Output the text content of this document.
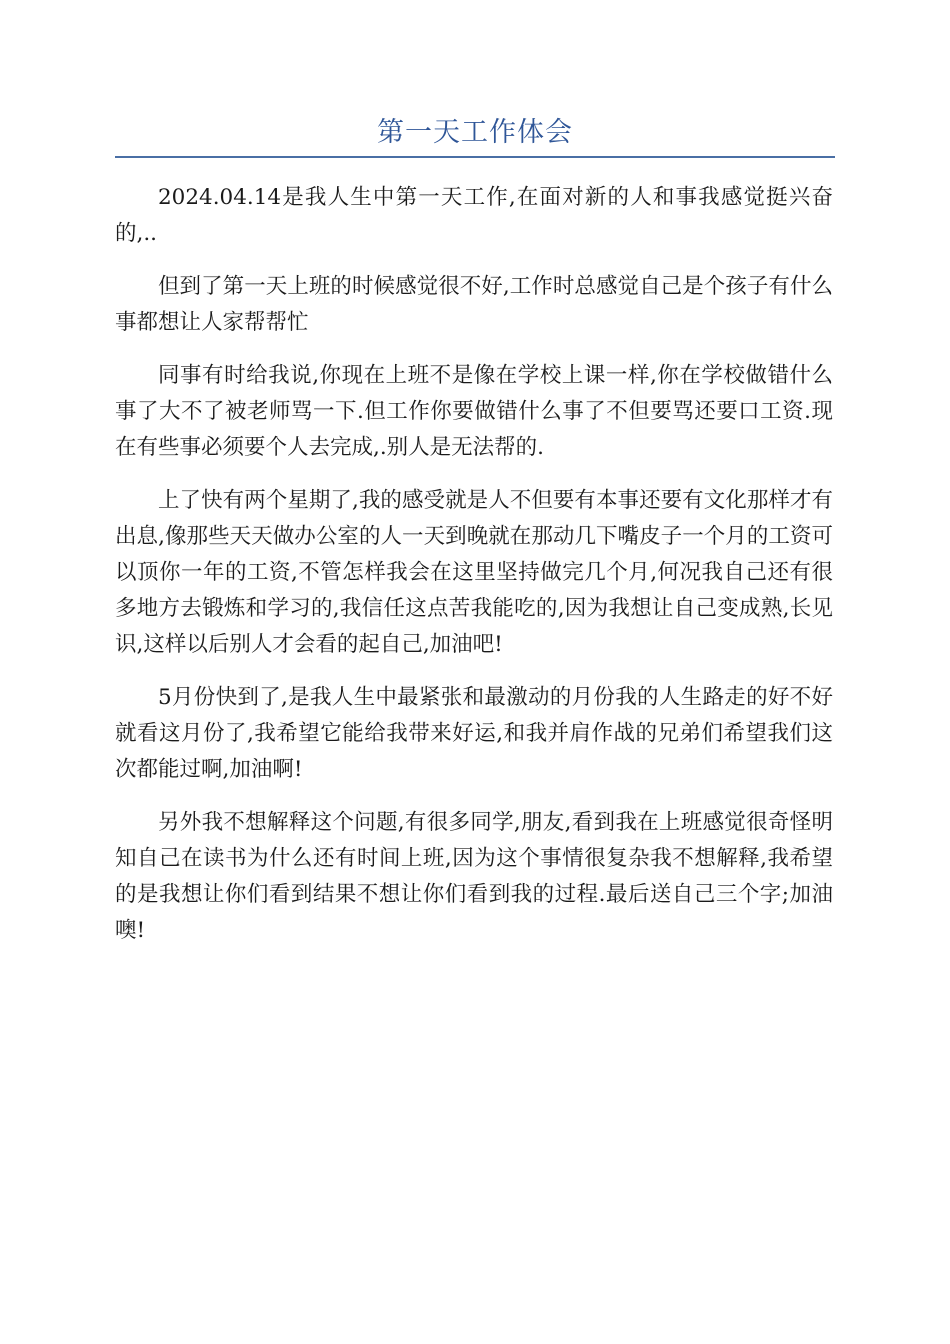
第一天工作体会

2024.04.14是我人生中第一天工作,在面对新的人和事我感觉挺兴奋的,..

但到了第一天上班的时候感觉很不好,工作时总感觉自己是个孩子有什么事都想让人家帮帮忙

同事有时给我说,你现在上班不是像在学校上课一样,你在学校做错什么事了大不了被老师骂一下.但工作你要做错什么事了不但要骂还要口工资.现在有些事必须要个人去完成,.别人是无法帮的.

上了快有两个星期了,我的感受就是人不但要有本事还要有文化那样才有出息,像那些天天做办公室的人一天到晚就在那动几下嘴皮子一个月的工资可以顶你一年的工资,不管怎样我会在这里坚持做完几个月,何况我自己还有很多地方去锻炼和学习的,我信任这点苦我能吃的,因为我想让自己变成熟,长见识,这样以后别人才会看的起自己,加油吧!

5月份快到了,是我人生中最紧张和最激动的月份我的人生路走的好不好就看这月份了,我希望它能给我带来好运,和我并肩作战的兄弟们希望我们这次都能过啊,加油啊!

另外我不想解释这个问题,有很多同学,朋友,看到我在上班感觉很奇怪明知自己在读书为什么还有时间上班,因为这个事情很复杂我不想解释,我希望的是我想让你们看到结果不想让你们看到我的过程.最后送自己三个字;加油噢!
